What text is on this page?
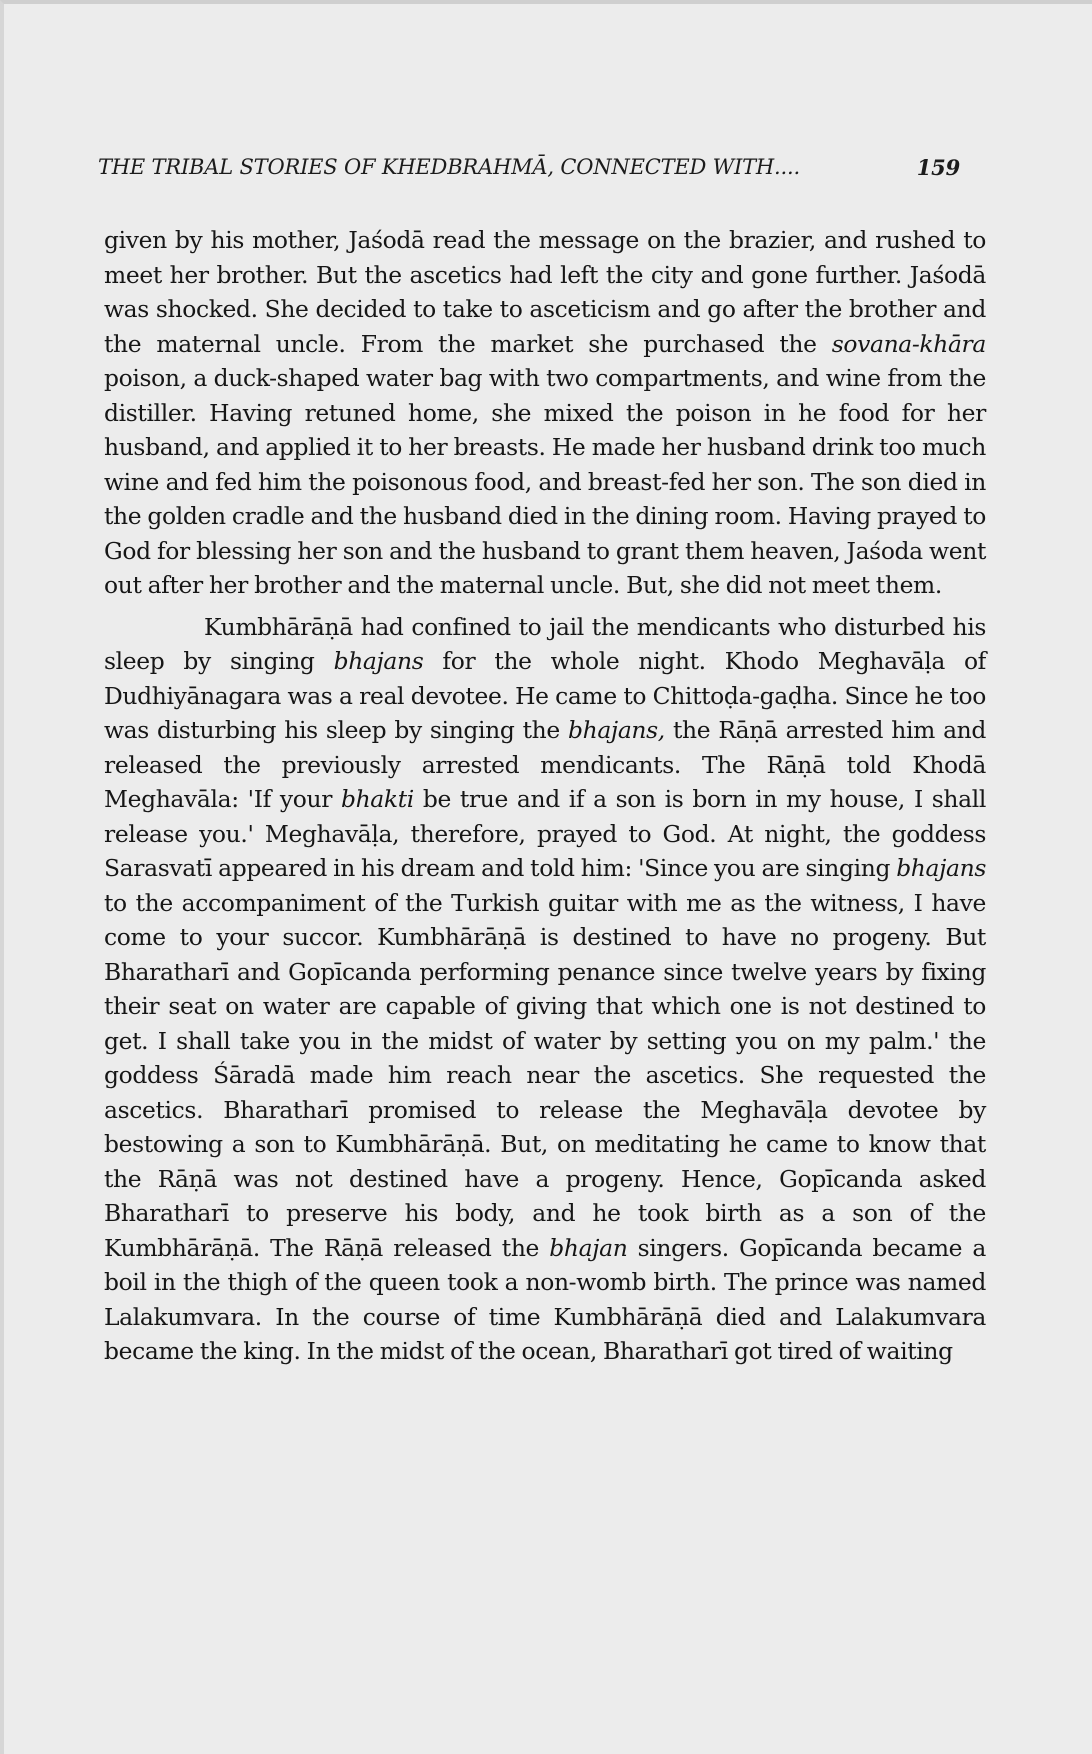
THE TRIBAL STORIES OF KHEDBRAHMĀ, CONNECTED WITH....	159

given by his mother, Jaśodā read the message on the brazier, and rushed to meet her brother. But the ascetics had left the city and gone further. Jaśodā was shocked. She decided to take to asceticism and go after the brother and the maternal uncle. From the market she purchased the sovana-khāra poison, a duck-shaped water bag with two compartments, and wine from the distiller. Having retuned home, she mixed the poison in he food for her husband, and applied it to her breasts. He made her husband drink too much wine and fed him the poisonous food, and breast-fed her son. The son died in the golden cradle and the husband died in the dining room. Having prayed to God for blessing her son and the husband to grant them heaven, Jaśoda went out after her brother and the maternal uncle. But, she did not meet them.

Kumbhārāṇā had confined to jail the mendicants who disturbed his sleep by singing bhajans for the whole night. Khodo Meghavāḷa of Dudhiyānagara was a real devotee. He came to Chittoḍa-gaḍha. Since he too was disturbing his sleep by singing the bhajans, the Rāṇā arrested him and released the previously arrested mendicants. The Rāṇā told Khodā Meghavāla: 'If your bhakti be true and if a son is born in my house, I shall release you.' Meghavāḷa, therefore, prayed to God. At night, the goddess Sarasvatī appeared in his dream and told him: 'Since you are singing bhajans to the accompaniment of the Turkish guitar with me as the witness, I have come to your succor. Kumbhārāṇā is destined to have no progeny. But Bharatharī and Gopīcanda performing penance since twelve years by fixing their seat on water are capable of giving that which one is not destined to get. I shall take you in the midst of water by setting you on my palm.' the goddess Śāradā made him reach near the ascetics. She requested the ascetics. Bharatharī promised to release the Meghavāḷa devotee by bestowing a son to Kumbhārāṇā. But, on meditating he came to know that the Rāṇā was not destined have a progeny. Hence, Gopīcanda asked Bharatharī to preserve his body, and he took birth as a son of the Kumbhārāṇā. The Rāṇā released the bhajan singers. Gopīcanda became a boil in the thigh of the queen took a non-womb birth. The prince was named Lalakumvara. In the course of time Kumbhārāṇā died and Lalakumvara became the king. In the midst of the ocean, Bharatharī got tired of waiting
